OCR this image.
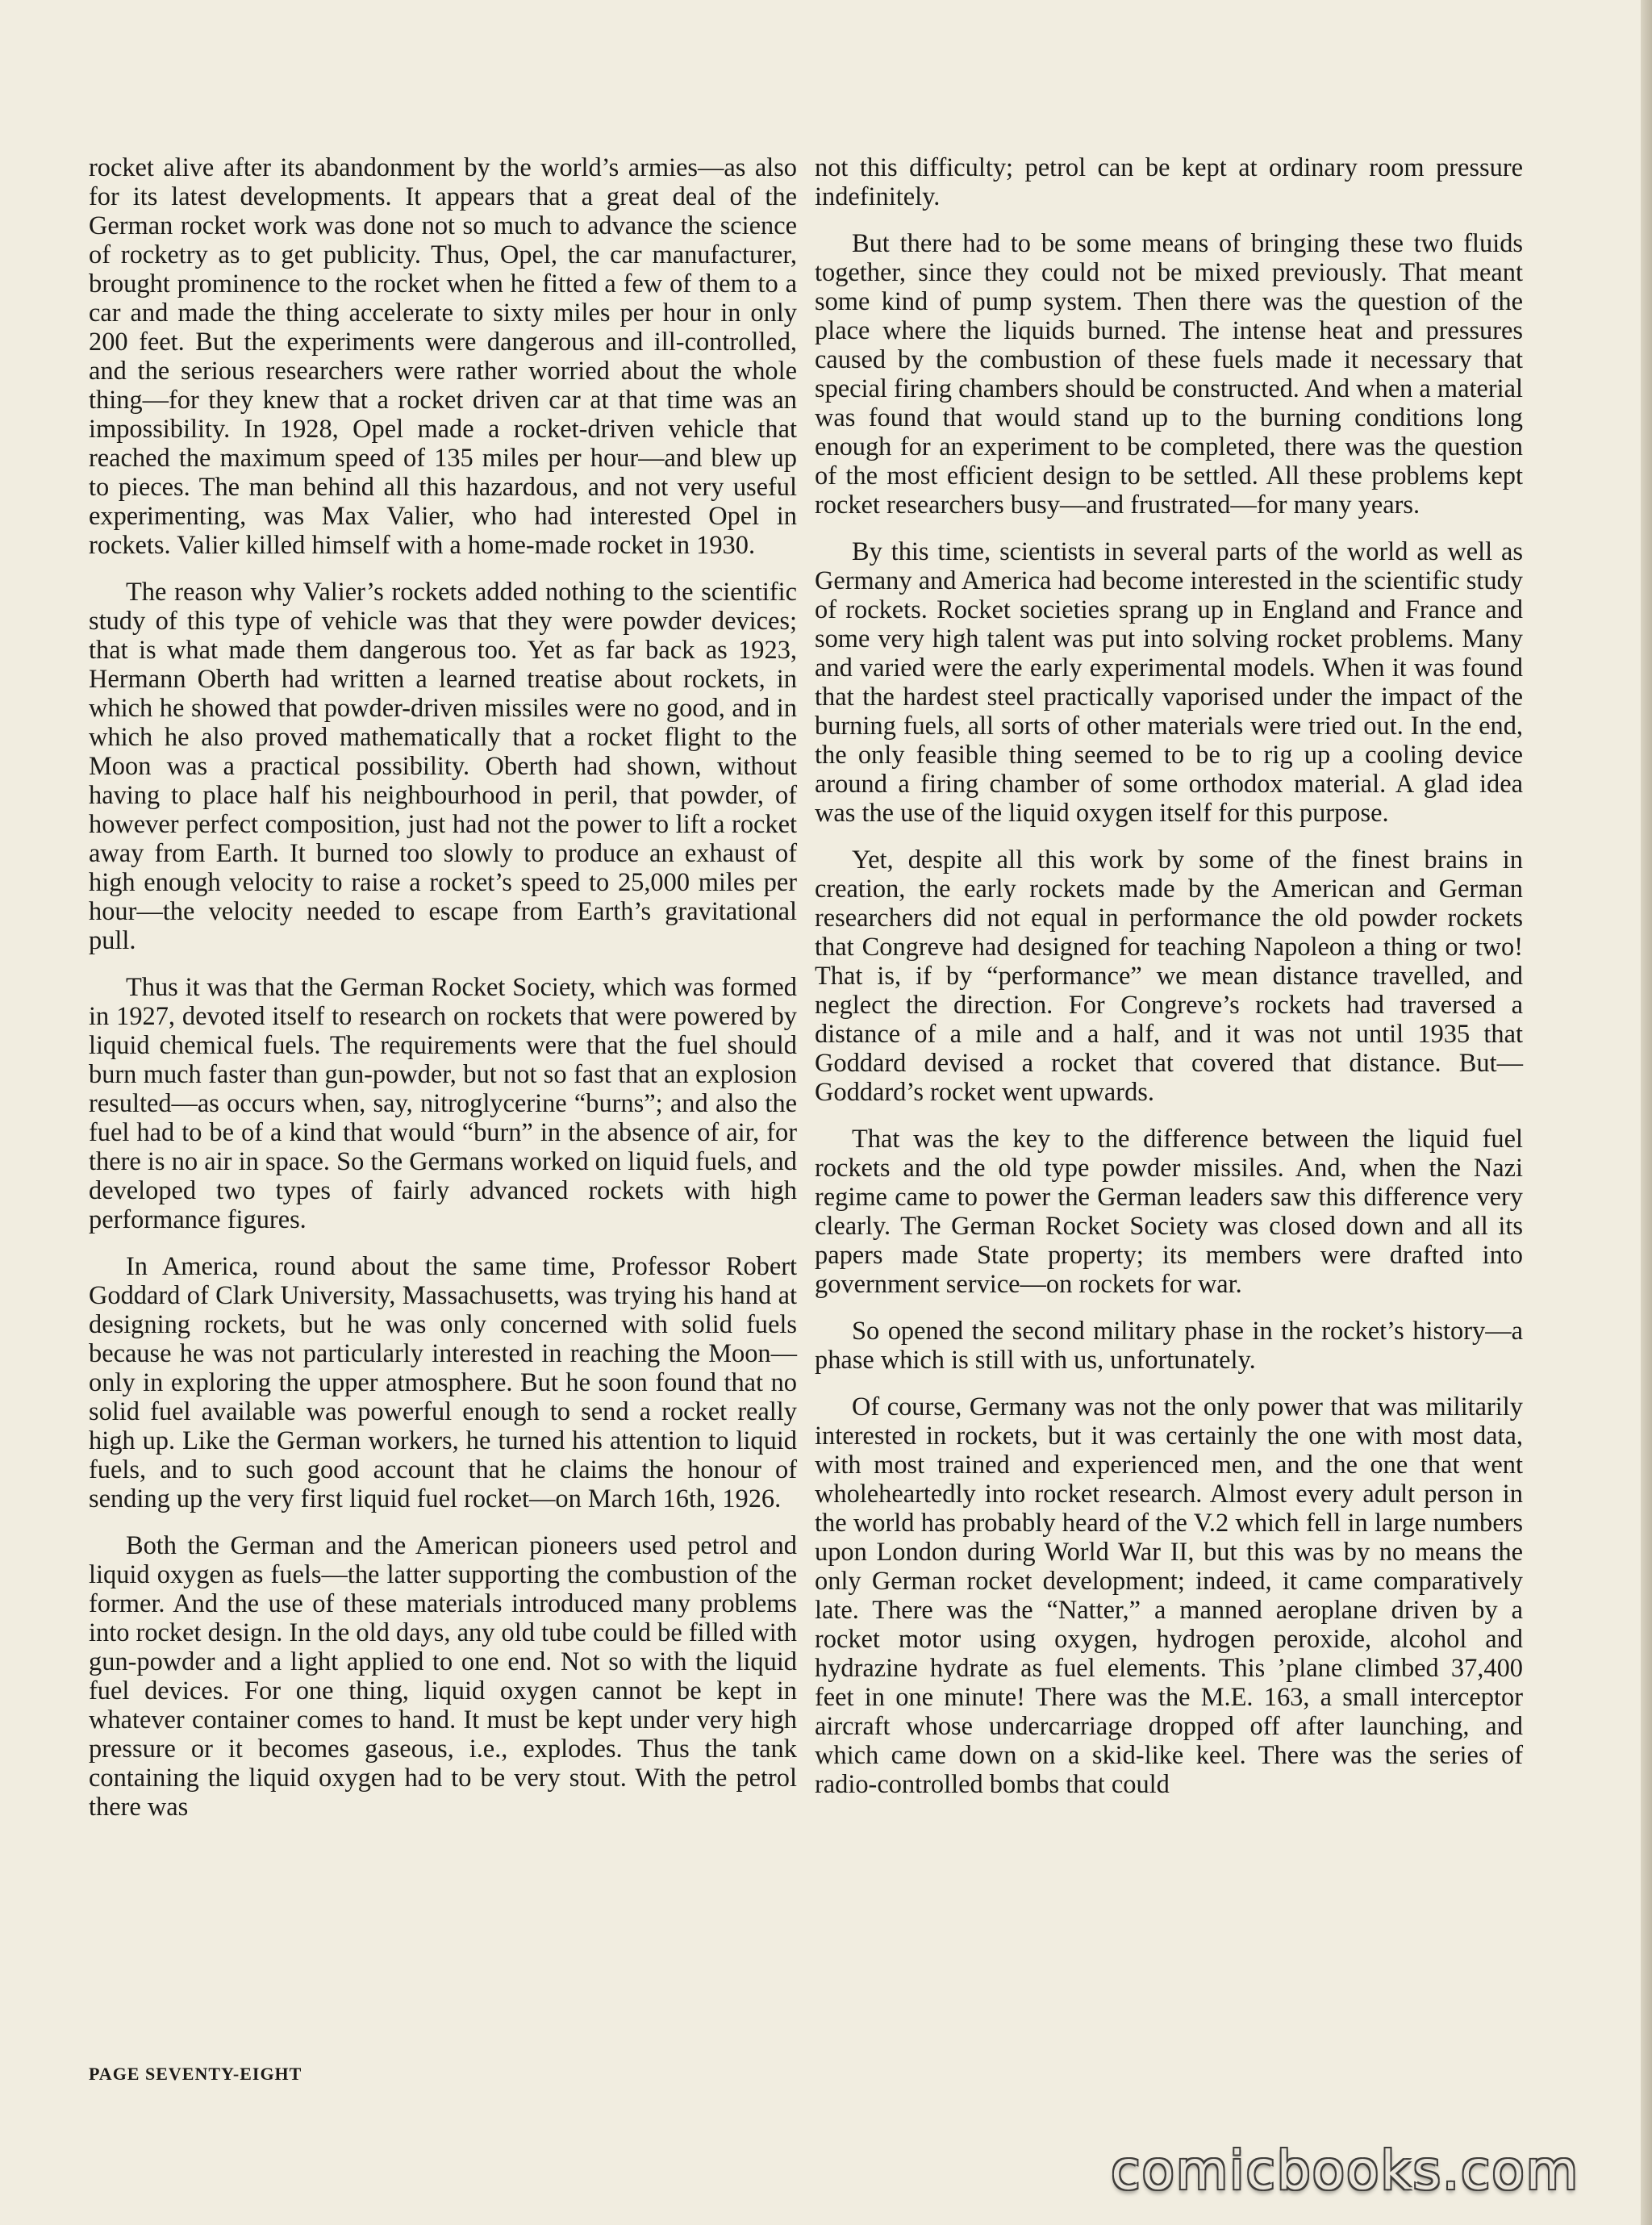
rocket alive after its abandonment by the world’s armies—as also for its latest developments. It appears that a great deal of the German rocket work was done not so much to advance the science of rocketry as to get publicity. Thus, Opel, the car manufacturer, brought prominence to the rocket when he fitted a few of them to a car and made the thing accelerate to sixty miles per hour in only 200 feet. But the experiments were dangerous and ill-controlled, and the serious researchers were rather worried about the whole thing—for they knew that a rocket driven car at that time was an impossibility. In 1928, Opel made a rocket-driven vehicle that reached the maximum speed of 135 miles per hour—and blew up to pieces. The man behind all this hazardous, and not very useful experimenting, was Max Valier, who had interested Opel in rockets. Valier killed himself with a home-made rocket in 1930.

The reason why Valier’s rockets added nothing to the scientific study of this type of vehicle was that they were powder devices; that is what made them dangerous too. Yet as far back as 1923, Hermann Oberth had written a learned treatise about rockets, in which he showed that powder-driven missiles were no good, and in which he also proved mathematically that a rocket flight to the Moon was a practical possibility. Oberth had shown, without having to place half his neighbourhood in peril, that powder, of however perfect composition, just had not the power to lift a rocket away from Earth. It burned too slowly to produce an exhaust of high enough velocity to raise a rocket’s speed to 25,000 miles per hour—the velocity needed to escape from Earth’s gravitational pull.

Thus it was that the German Rocket Society, which was formed in 1927, devoted itself to research on rockets that were powered by liquid chemical fuels. The requirements were that the fuel should burn much faster than gun-powder, but not so fast that an explosion resulted—as occurs when, say, nitroglycerine “burns”; and also the fuel had to be of a kind that would “burn” in the absence of air, for there is no air in space. So the Germans worked on liquid fuels, and developed two types of fairly advanced rockets with high performance figures.

In America, round about the same time, Professor Robert Goddard of Clark University, Massachusetts, was trying his hand at designing rockets, but he was only concerned with solid fuels because he was not particularly interested in reaching the Moon—only in exploring the upper atmosphere. But he soon found that no solid fuel available was powerful enough to send a rocket really high up. Like the German workers, he turned his attention to liquid fuels, and to such good account that he claims the honour of sending up the very first liquid fuel rocket—on March 16th, 1926.

Both the German and the American pioneers used petrol and liquid oxygen as fuels—the latter supporting the combustion of the former. And the use of these materials introduced many problems into rocket design. In the old days, any old tube could be filled with gun-powder and a light applied to one end. Not so with the liquid fuel devices. For one thing, liquid oxygen cannot be kept in whatever container comes to hand. It must be kept under very high pressure or it becomes gaseous, i.e., explodes. Thus the tank containing the liquid oxygen had to be very stout. With the petrol there was

not this difficulty; petrol can be kept at ordinary room pressure indefinitely.

But there had to be some means of bringing these two fluids together, since they could not be mixed previously. That meant some kind of pump system. Then there was the question of the place where the liquids burned. The intense heat and pressures caused by the combustion of these fuels made it necessary that special firing chambers should be constructed. And when a material was found that would stand up to the burning conditions long enough for an experiment to be completed, there was the question of the most efficient design to be settled. All these problems kept rocket researchers busy—and frustrated—for many years.

By this time, scientists in several parts of the world as well as Germany and America had become interested in the scientific study of rockets. Rocket societies sprang up in England and France and some very high talent was put into solving rocket problems. Many and varied were the early experimental models. When it was found that the hardest steel practically vaporised under the impact of the burning fuels, all sorts of other materials were tried out. In the end, the only feasible thing seemed to be to rig up a cooling device around a firing chamber of some orthodox material. A glad idea was the use of the liquid oxygen itself for this purpose.

Yet, despite all this work by some of the finest brains in creation, the early rockets made by the American and German researchers did not equal in performance the old powder rockets that Congreve had designed for teaching Napoleon a thing or two! That is, if by “performance” we mean distance travelled, and neglect the direction. For Congreve’s rockets had traversed a distance of a mile and a half, and it was not until 1935 that Goddard devised a rocket that covered that distance. But—Goddard’s rocket went upwards.

That was the key to the difference between the liquid fuel rockets and the old type powder missiles. And, when the Nazi regime came to power the German leaders saw this difference very clearly. The German Rocket Society was closed down and all its papers made State property; its members were drafted into government service—on rockets for war.

So opened the second military phase in the rocket’s history—a phase which is still with us, unfortunately.

Of course, Germany was not the only power that was militarily interested in rockets, but it was certainly the one with most data, with most trained and experienced men, and the one that went wholeheartedly into rocket research. Almost every adult person in the world has probably heard of the V.2 which fell in large numbers upon London during World War II, but this was by no means the only German rocket development; indeed, it came comparatively late. There was the “Natter,” a manned aeroplane driven by a rocket motor using oxygen, hydrogen peroxide, alcohol and hydrazine hydrate as fuel elements. This ’plane climbed 37,400 feet in one minute! There was the M.E. 163, a small interceptor aircraft whose undercarriage dropped off after launching, and which came down on a skid-like keel. There was the series of radio-controlled bombs that could

PAGE SEVENTY-EIGHT
comicbooks.com
